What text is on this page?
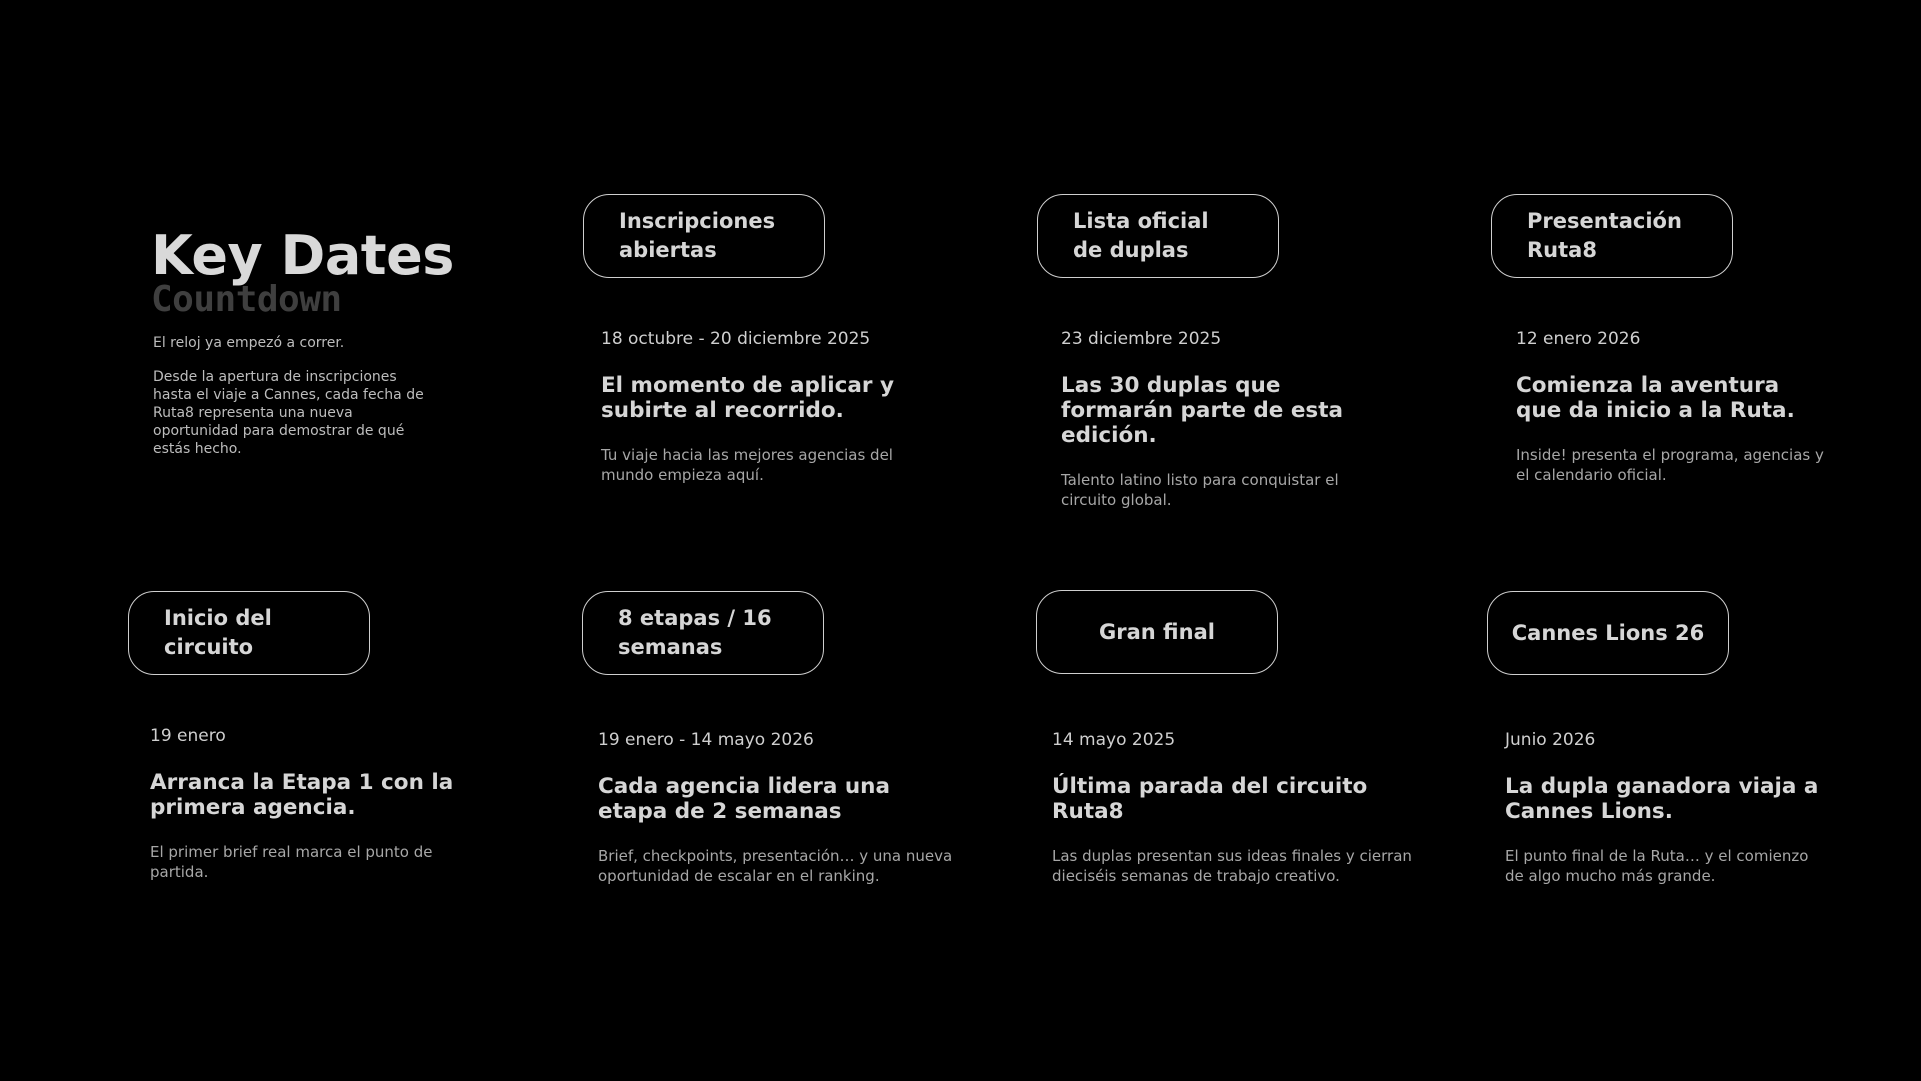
Key Dates
Countdown

El reloj ya empezó a correr.

Desde la apertura de inscripciones hasta el viaje a Cannes, cada fecha de Ruta8 representa una nueva oportunidad para demostrar de qué estás hecho.

Inscripciones abiertas
18 octubre - 20 diciembre 2025
El momento de aplicar y subirte al recorrido.
Tu viaje hacia las mejores agencias del mundo empieza aquí.
Lista oficial de duplas
23 diciembre 2025
Las 30 duplas que formarán parte de esta edición.
Talento latino listo para conquistar el circuito global.
Presentación Ruta8
12 enero 2026
Comienza la aventura que da inicio a la Ruta.
Inside! presenta el programa, agencias y el calendario oficial.
Inicio del circuito
19 enero
Arranca la Etapa 1 con la primera agencia.
El primer brief real marca el punto de partida.
8 etapas / 16 semanas
19 enero - 14 mayo 2026
Cada agencia lidera una etapa de 2 semanas
Brief, checkpoints, presentación… y una nueva oportunidad de escalar en el ranking.
Gran final
14 mayo 2025
Última parada del circuito Ruta8
Las duplas presentan sus ideas finales y cierran dieciséis semanas de trabajo creativo.
Cannes Lions 26
Junio 2026
La dupla ganadora viaja a Cannes Lions.
El punto final de la Ruta… y el comienzo de algo mucho más grande.
